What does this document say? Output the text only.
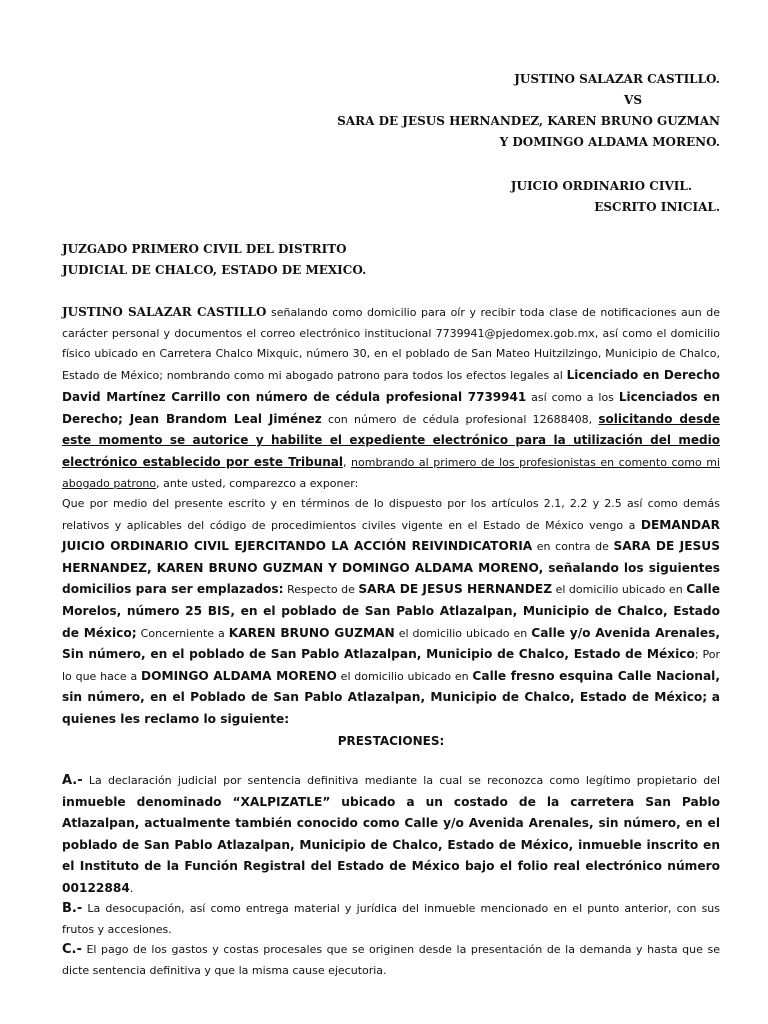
JUSTINO SALAZAR CASTILLO.
VS
SARA DE JESUS HERNANDEZ, KAREN BRUNO GUZMAN
Y DOMINGO ALDAMA MORENO.
JUICIO ORDINARIO CIVIL.
ESCRITO INICIAL.
JUZGADO PRIMERO CIVIL DEL DISTRITO
JUDICIAL DE CHALCO, ESTADO DE MEXICO.
JUSTINO SALAZAR CASTILLO señalando como domicilio para oír y recibir toda clase de notificaciones aun de carácter personal y documentos el correo electrónico institucional 7739941@pjedomex.gob.mx, así como el domicilio físico ubicado en Carretera Chalco Mixquic, número 30, en el poblado de San Mateo Huitzilzingo, Municipio de Chalco, Estado de México; nombrando como mi abogado patrono para todos los efectos legales al Licenciado en Derecho David Martínez Carrillo con número de cédula profesional 7739941 así como a los Licenciados en Derecho; Jean Brandom Leal Jiménez con número de cédula profesional 12688408, solicitando desde este momento se autorice y habilite el expediente electrónico para la utilización del medio electrónico establecido por este Tribunal, nombrando al primero de los profesionistas en comento como mi abogado patrono, ante usted, comparezco a exponer:
Que por medio del presente escrito y en términos de lo dispuesto por los artículos 2.1, 2.2 y 2.5 así como demás relativos y aplicables del código de procedimientos civiles vigente en el Estado de México vengo a DEMANDAR JUICIO ORDINARIO CIVIL EJERCITANDO LA ACCIÓN REIVINDICATORIA en contra de SARA DE JESUS HERNANDEZ, KAREN BRUNO GUZMAN Y DOMINGO ALDAMA MORENO, señalando los siguientes domicilios para ser emplazados: Respecto de SARA DE JESUS HERNANDEZ el domicilio ubicado en Calle Morelos, número 25 BIS, en el poblado de San Pablo Atlazalpan, Municipio de Chalco, Estado de México; Concerniente a KAREN BRUNO GUZMAN el domicilio ubicado en Calle y/o Avenida Arenales, Sin número, en el poblado de San Pablo Atlazalpan, Municipio de Chalco, Estado de México; Por lo que hace a DOMINGO ALDAMA MORENO el domicilio ubicado en Calle fresno esquina Calle Nacional, sin número, en el Poblado de San Pablo Atlazalpan, Municipio de Chalco, Estado de México; a quienes les reclamo lo siguiente:
PRESTACIONES:
A.- La declaración judicial por sentencia definitiva mediante la cual se reconozca como legítimo propietario del inmueble denominado “XALPIZATLE” ubicado a un costado de la carretera San Pablo Atlazalpan, actualmente también conocido como Calle y/o Avenida Arenales, sin número, en el poblado de San Pablo Atlazalpan, Municipio de Chalco, Estado de México, inmueble inscrito en el Instituto de la Función Registral del Estado de México bajo el folio real electrónico número 00122884.
B.- La desocupación, así como entrega material y jurídica del inmueble mencionado en el punto anterior, con sus frutos y accesiones.
C.- El pago de los gastos y costas procesales que se originen desde la presentación de la demanda y hasta que se dicte sentencia definitiva y que la misma cause ejecutoria.
